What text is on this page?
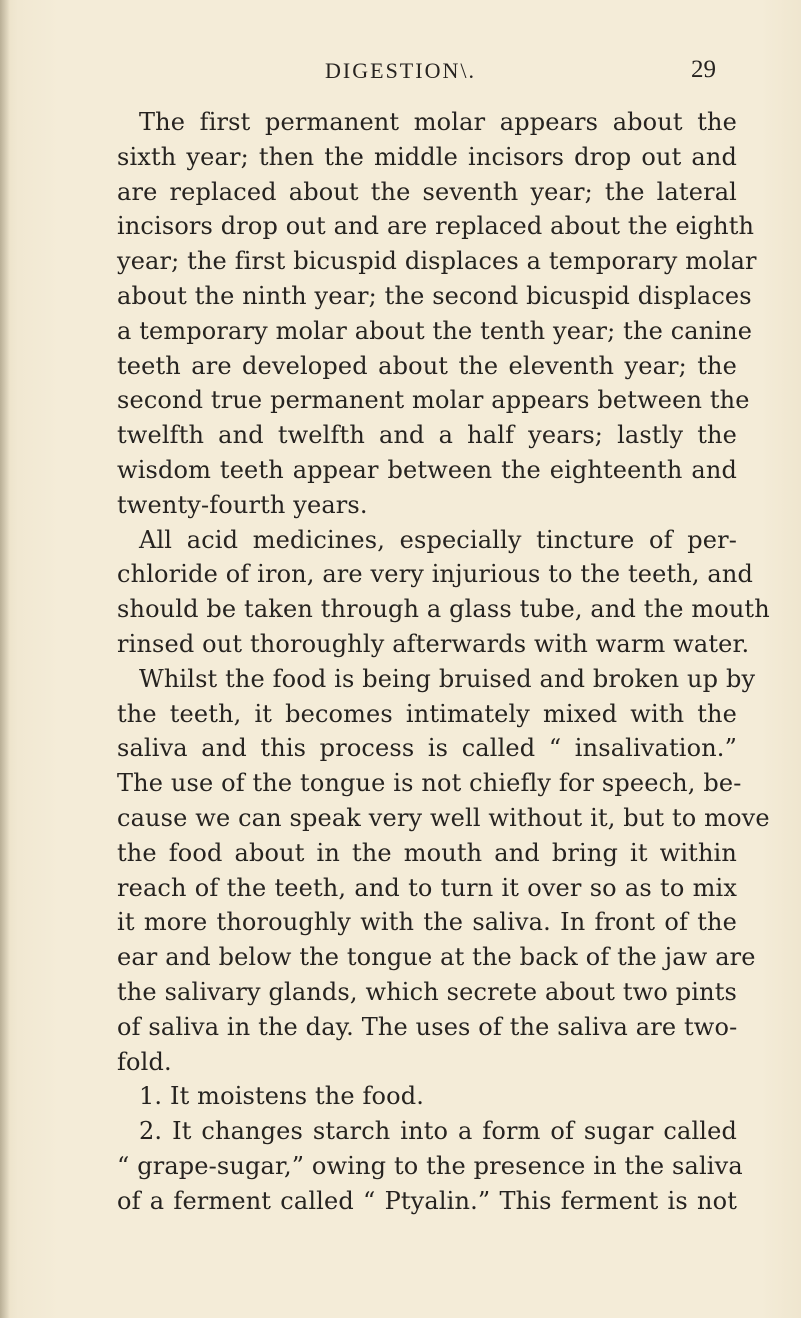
DIGESTION\.	29
The first permanent molar appears about the
sixth year; then the middle incisors drop out and
are replaced about the seventh year; the lateral
incisors drop out and are replaced about the eighth
year; the first bicuspid displaces a temporary molar
about the ninth year; the second bicuspid displaces
a temporary molar about the tenth year; the canine
teeth are developed about the eleventh year; the
second true permanent molar appears between the
twelfth and twelfth and a half years; lastly the
wisdom teeth appear between the eighteenth and
twenty-fourth years.
All acid medicines, especially tincture of per-
chloride of iron, are very injurious to the teeth, and
should be taken through a glass tube, and the mouth
rinsed out thoroughly afterwards with warm water.
Whilst the food is being bruised and broken up by
the teeth, it becomes intimately mixed with the
saliva and this process is called “ insalivation.”
The use of the tongue is not chiefly for speech, be-
cause we can speak very well without it, but to move
the food about in the mouth and bring it within
reach of the teeth, and to turn it over so as to mix
it more thoroughly with the saliva. In front of the
ear and below the tongue at the back of the jaw are
the salivary glands, which secrete about two pints
of saliva in the day. The uses of the saliva are two-
fold.
1. It moistens the food.
2. It changes starch into a form of sugar called
“ grape-sugar,” owing to the presence in the saliva
of a ferment called “ Ptyalin.” This ferment is not
